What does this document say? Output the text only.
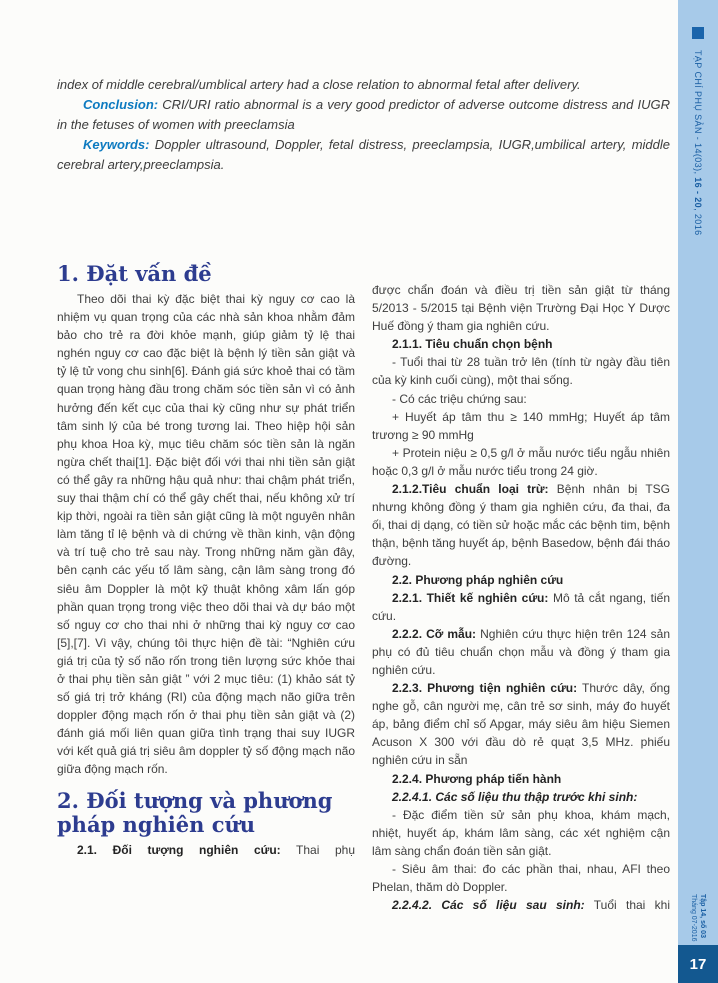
index of middle cerebral/umblical artery had a close relation to abnormal fetal after delivery.

Conclusion: CRI/URI ratio abnormal is a very good predictor of adverse outcome distress and IUGR in the fetuses of women with preeclamsia

Keywords: Doppler ultrasound, Doppler, fetal distress, preeclampsia, IUGR,umbilical artery, middle cerebral artery,preeclampsia.

1. Đặt vấn đề

Theo dõi thai kỳ đặc biệt thai kỳ nguy cơ cao là nhiệm vụ quan trọng của các nhà sản khoa nhằm đảm bảo cho trẻ ra đời khỏe mạnh, giúp giảm tỷ lệ thai nghén nguy cơ cao đặc biệt là bệnh lý tiền sản giật và tỷ lệ tử vong chu sinh[6]. Đánh giá sức khoẻ thai có tầm quan trọng hàng đầu trong chăm sóc tiền sản vì có ảnh hưởng đến kết cục của thai kỳ cũng như sự phát triển tâm sinh lý của bé trong tương lai. Theo hiệp hội sản phụ khoa Hoa kỳ, mục tiêu chăm sóc tiền sản là ngăn ngừa chết thai[1]. Đặc biệt đối với thai nhi tiền sản giật có thể gây ra những hậu quả như: thai chậm phát triển, suy thai thậm chí có thể gây chết thai, nếu không xử trí kịp thời, ngoài ra tiền sản giật cũng là một nguyên nhân làm tăng tỉ lệ bệnh và di chứng về thần kinh, vận động và trí tuệ cho trẻ sau này. Trong những năm gần đây, bên cạnh các yếu tố lâm sàng, cận lâm sàng trong đó siêu âm Doppler là một kỹ thuật không xâm lấn góp phần quan trọng trong việc theo dõi thai và dự báo một số nguy cơ cho thai nhi ở những thai kỳ nguy cơ cao [5],[7]. Vì vậy, chúng tôi thực hiện đề tài: “Nghiên cứu giá trị của tỷ số não rốn trong tiên lượng sức khỏe thai ở thai phụ tiền sản giật ” với 2 mục tiêu: (1) khảo sát tỷ số giá trị trở kháng (RI) của động mạch não giữa trên doppler động mạch rốn ở thai phụ tiền sản giật và (2) đánh giá mối liên quan giữa tình trạng thai suy IUGR với kết quả giá trị siêu âm doppler tỷ số động mạch não giữa động mạch rốn.

2. Đối tượng và phương pháp nghiên cứu

2.1. Đối tượng nghiên cứu: Thai phụ

được chẩn đoán và điều trị tiền sản giật từ tháng 5/2013 - 5/2015 tại Bệnh viện Trường Đại Học Y Dược Huế đồng ý tham gia nghiên cứu.

2.1.1. Tiêu chuẩn chọn bệnh

- Tuổi thai từ 28 tuần trở lên (tính từ ngày đầu tiên của kỳ kinh cuối cùng), một thai sống.

- Có các triệu chứng sau:

+ Huyết áp tâm thu ≥ 140 mmHg; Huyết áp tâm trương ≥ 90 mmHg

+ Protein niệu ≥ 0,5 g/l ở mẫu nước tiểu ngẫu nhiên hoặc 0,3 g/l ở mẫu nước tiểu trong 24 giờ.

2.1.2.Tiêu chuẩn loại trừ: Bệnh nhân bị TSG nhưng không đồng ý tham gia nghiên cứu, đa thai, đa ối, thai dị dạng, có tiền sử hoặc mắc các bệnh tim, bệnh thận, bệnh tăng huyết áp, bệnh Basedow, bệnh đái tháo đường.

2.2. Phương pháp nghiên cứu

2.2.1. Thiết kế nghiên cứu: Mô tả cắt ngang, tiến cứu.

2.2.2. Cỡ mẫu: Nghiên cứu thực hiện trên 124 sản phụ có đủ tiêu chuẩn chọn mẫu và đồng ý tham gia nghiên cứu.

2.2.3. Phương tiện nghiên cứu: Thước dây, ống nghe gỗ, cân người mẹ, cân trẻ sơ sinh, máy đo huyết áp, bảng điểm chỉ số Apgar, máy siêu âm hiệu Siemen Acuson X 300 với đầu dò rẻ quạt 3,5 MHz. phiếu nghiên cứu in sẵn

2.2.4. Phương pháp tiến hành

2.2.4.1. Các số liệu thu thập trước khi sinh:

- Đặc điểm tiền sử sản phụ khoa, khám mạch, nhiệt, huyết áp, khám lâm sàng, các xét nghiệm cận lâm sàng chẩn đoán tiền sản giật.

- Siêu âm thai: đo các phần thai, nhau, AFI theo Phelan, thăm dò Doppler.

2.2.4.2. Các số liệu sau sinh: Tuổi thai khi

TẠP CHÍ PHỤ SẢN - 14(03), 16 - 20, 2016
Tập 14, số 03
Tháng 07-2016
17
